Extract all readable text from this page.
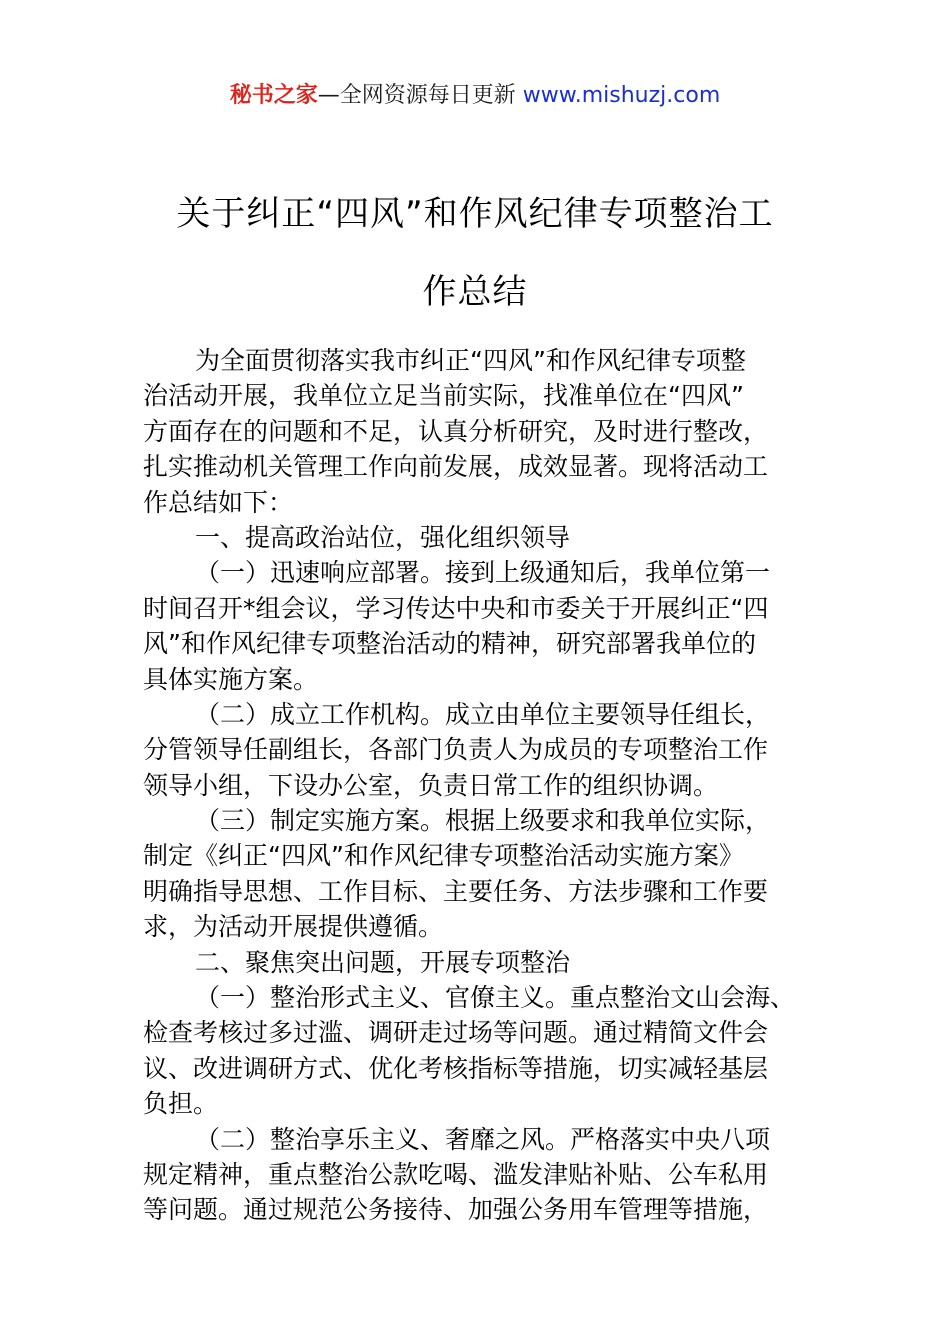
秘书之家—全网资源每日更新 www.mishuzj.com
关于纠正“四风”和作风纪律专项整治工
作总结
为全面贯彻落实我市纠正“四风”和作风纪律专项整
治活动开展，我单位立足当前实际，找准单位在“四风”
方面存在的问题和不足，认真分析研究，及时进行整改，
扎实推动机关管理工作向前发展，成效显著。现将活动工
作总结如下：
一、提高政治站位，强化组织领导
（一）迅速响应部署。接到上级通知后，我单位第一
时间召开*组会议，学习传达中央和市委关于开展纠正“四
风”和作风纪律专项整治活动的精神，研究部署我单位的
具体实施方案。
（二）成立工作机构。成立由单位主要领导任组长，
分管领导任副组长，各部门负责人为成员的专项整治工作
领导小组，下设办公室，负责日常工作的组织协调。
（三）制定实施方案。根据上级要求和我单位实际，
制定《纠正“四风”和作风纪律专项整治活动实施方案》
明确指导思想、工作目标、主要任务、方法步骤和工作要
求，为活动开展提供遵循。
二、聚焦突出问题，开展专项整治
（一）整治形式主义、官僚主义。重点整治文山会海、
检查考核过多过滥、调研走过场等问题。通过精简文件会
议、改进调研方式、优化考核指标等措施，切实减轻基层
负担。
（二）整治享乐主义、奢靡之风。严格落实中央八项
规定精神，重点整治公款吃喝、滥发津贴补贴、公车私用
等问题。通过规范公务接待、加强公务用车管理等措施，
